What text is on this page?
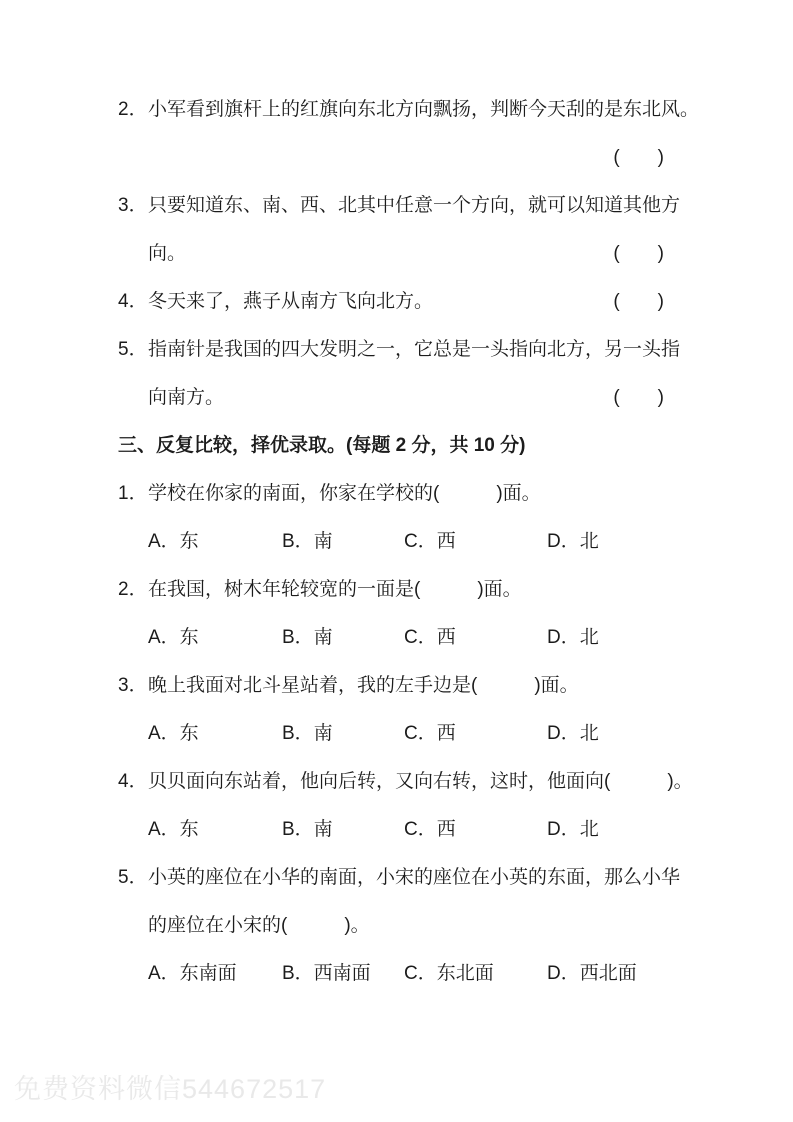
2．小军看到旗杆上的红旗向东北方向飘扬，判断今天刮的是东北风。
(　　)
3．只要知道东、南、西、北其中任意一个方向，就可以知道其他方
向。	(　　)
4．冬天来了，燕子从南方飞向北方。	(　　)
5．指南针是我国的四大发明之一，它总是一头指向北方，另一头指
向南方。	(　　)
三、反复比较，择优录取。(每题 2 分，共 10 分)
1．学校在你家的南面，你家在学校的(　　　)面。
A．东	B．南	C．西	D．北
2．在我国，树木年轮较宽的一面是(　　　)面。
A．东	B．南	C．西	D．北
3．晚上我面对北斗星站着，我的左手边是(　　　)面。
A．东	B．南	C．西	D．北
4．贝贝面向东站着，他向后转，又向右转，这时，他面向(　　　)。
A．东	B．南	C．西	D．北
5．小英的座位在小华的南面，小宋的座位在小英的东面，那么小华
的座位在小宋的(　　　)。
A．东南面 B．西南面 C．东北面	D．西北面
免费资料微信544672517
